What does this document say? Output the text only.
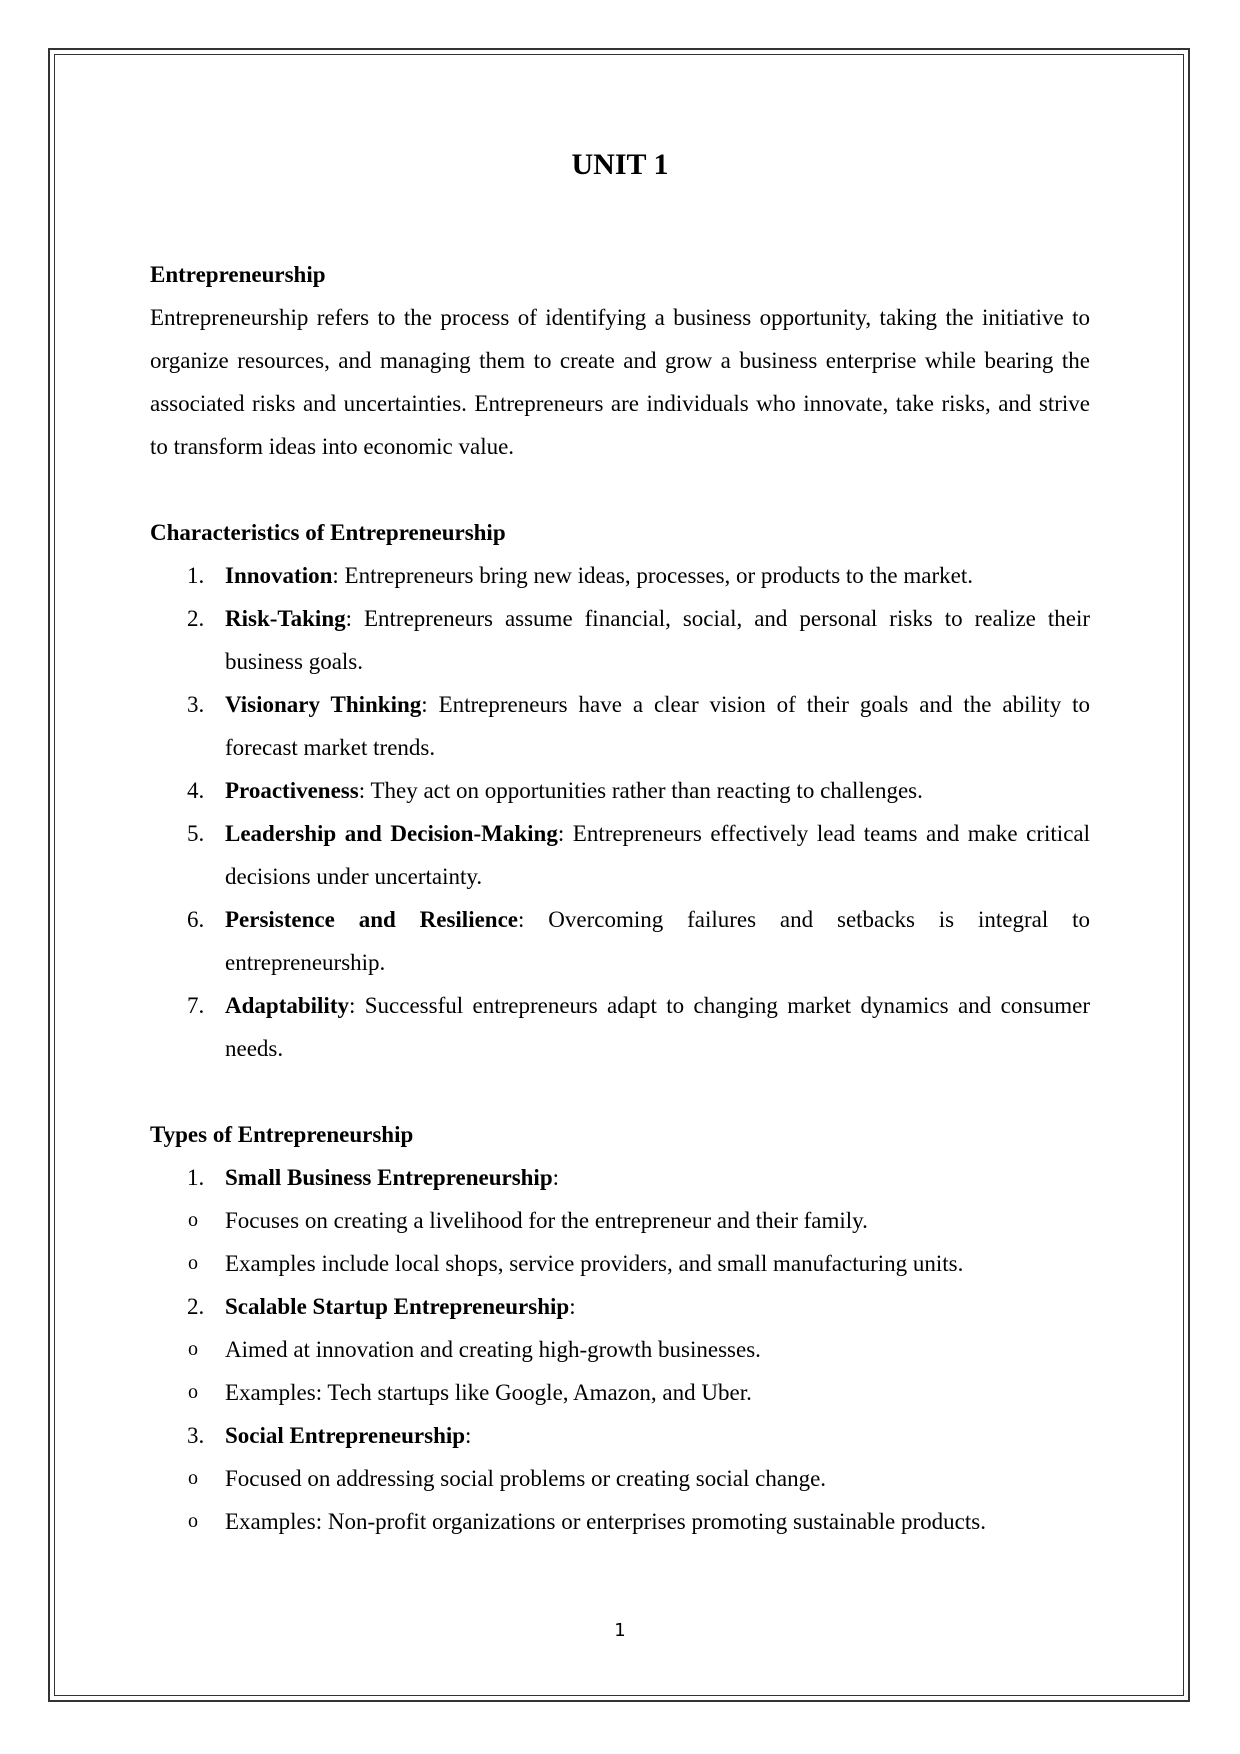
UNIT 1

Entrepreneurship

Entrepreneurship refers to the process of identifying a business opportunity, taking the initiative to organize resources, and managing them to create and grow a business enterprise while bearing the associated risks and uncertainties. Entrepreneurs are individuals who innovate, take risks, and strive to transform ideas into economic value.

Characteristics of Entrepreneurship

1. Innovation: Entrepreneurs bring new ideas, processes, or products to the market.
2. Risk-Taking: Entrepreneurs assume financial, social, and personal risks to realize their business goals.
3. Visionary Thinking: Entrepreneurs have a clear vision of their goals and the ability to forecast market trends.
4. Proactiveness: They act on opportunities rather than reacting to challenges.
5. Leadership and Decision-Making: Entrepreneurs effectively lead teams and make critical decisions under uncertainty.
6. Persistence and Resilience: Overcoming failures and setbacks is integral to entrepreneurship.
7. Adaptability: Successful entrepreneurs adapt to changing market dynamics and consumer needs.

Types of Entrepreneurship

1. Small Business Entrepreneurship:
o Focuses on creating a livelihood for the entrepreneur and their family.
o Examples include local shops, service providers, and small manufacturing units.
2. Scalable Startup Entrepreneurship:
o Aimed at innovation and creating high-growth businesses.
o Examples: Tech startups like Google, Amazon, and Uber.
3. Social Entrepreneurship:
o Focused on addressing social problems or creating social change.
o Examples: Non-profit organizations or enterprises promoting sustainable products.
1
